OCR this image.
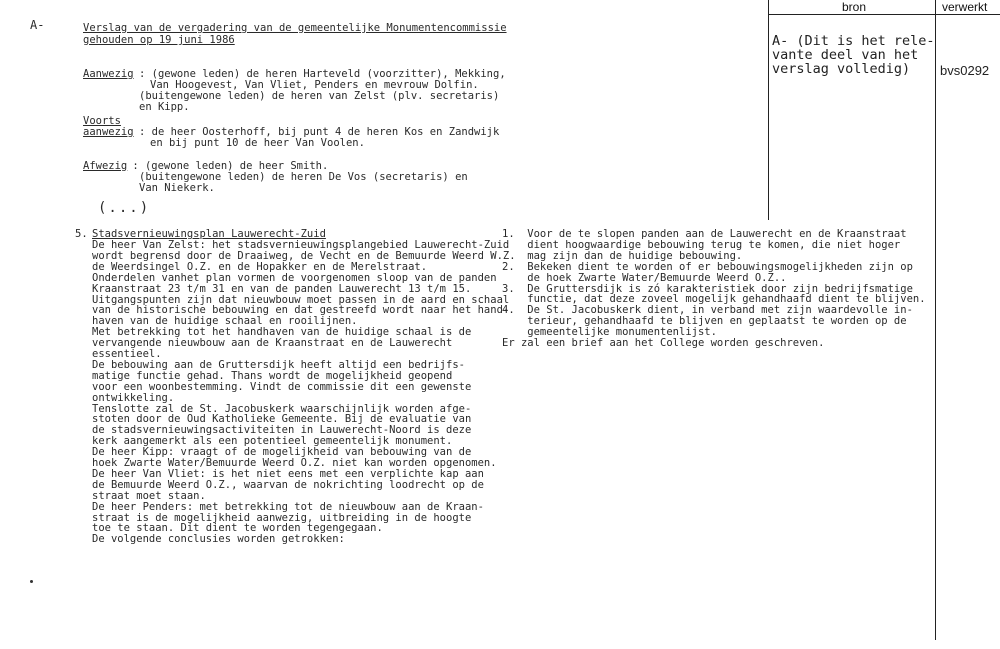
A-	Verslag van de vergadering van de gemeentelijke Monumentencommissie
gehouden op 19 juni 1986
Aanwezig : (gewone leden) de heren Harteveld (voorzitter), Mekking,
Van Hoogevest, Van Vliet, Penders en mevrouw Dolfin.
(buitengewone leden) de heren van Zelst (plv. secretaris)
en Kipp.
Voorts
aanwezig : de heer Oosterhoff, bij punt 4 de heren Kos en Zandwijk
en bij punt 10 de heer Van Voolen.
Afwezig
: (gewone leden) de heer Smith.
(buitengewone leden) de heren De Vos (secretaris) en
Van Niekerk.
(...)
5. Stadsvernieuwingsplan Lauwerecht-Zuid
De heer Van Zelst: het stadsvernieuwingsplangebied Lauwerecht-Zuid
wordt begrensd door de Draaiweg, de Vecht en de Bemuurde Weerd W.Z.
de Weerdsingel O.Z. en de Hopakker en de Merelstraat.
Onderdelen vanhet plan vormen de voorgenomen sloop van de panden
Kraanstraat 23 t/m 31 en van de panden Lauwerecht 13 t/m 15.
Uitgangspunten zijn dat nieuwbouw moet passen in de aard en schaal
van de historische bebouwing en dat gestreefd wordt naar het hand-
haven van de huidige schaal en rooilijnen.
Met betrekking tot het handhaven van de huidige schaal is de
vervangende nieuwbouw aan de Kraanstraat en de Lauwerecht
essentieel.
De bebouwing aan de Gruttersdijk heeft altijd een bedrijfs-
matige functie gehad. Thans wordt de mogelijkheid geopend
voor een woonbestemming. Vindt de commissie dit een gewenste
ontwikkeling.
Tenslotte zal de St. Jacobuskerk waarschijnlijk worden afge-
stoten door de Oud Katholieke Gemeente. Bij de evaluatie van
de stadsvernieuwingsactiviteiten in Lauwerecht-Noord is deze
kerk aangemerkt als een potentieel gemeentelijk monument.
De heer Kipp: vraagt of de mogelijkheid van bebouwing van de
hoek Zwarte Water/Bemuurde Weerd O.Z. niet kan worden opgenomen.
De heer Van Vliet: is het niet eens met een verplichte kap aan
de Bemuurde Weerd O.Z., waarvan de nokrichting loodrecht op de
straat moet staan.
De heer Penders: met betrekking tot de nieuwbouw aan de Kraan-
straat is de mogelijkheid aanwezig, uitbreiding in de hoogte
toe te staan. Dit dient te worden tegengegaan.
De volgende conclusies worden getrokken:
1.  Voor de te slopen panden aan de Lauwerecht en de Kraanstraat
dient hoogwaardige bebouwing terug te komen, die niet hoger
mag zijn dan de huidige bebouwing.
2.  Bekeken dient te worden of er bebouwingsmogelijkheden zijn op
de hoek Zwarte Water/Bemuurde Weerd O.Z..
3.  De Gruttersdijk is zó karakteristiek door zijn bedrijfsmatige
functie, dat deze zoveel mogelijk gehandhaafd dient te blijven.
4.  De St. Jacobuskerk dient, in verband met zijn waardevolle in-
terieur, gehandhaafd te blijven en geplaatst te worden op de
gemeentelijke monumentenlijst.
Er zal een brief aan het College worden geschreven.
bron	verwerkt
A- (Dit is het rele-
vante deel van het
verslag volledig) bvs0292
